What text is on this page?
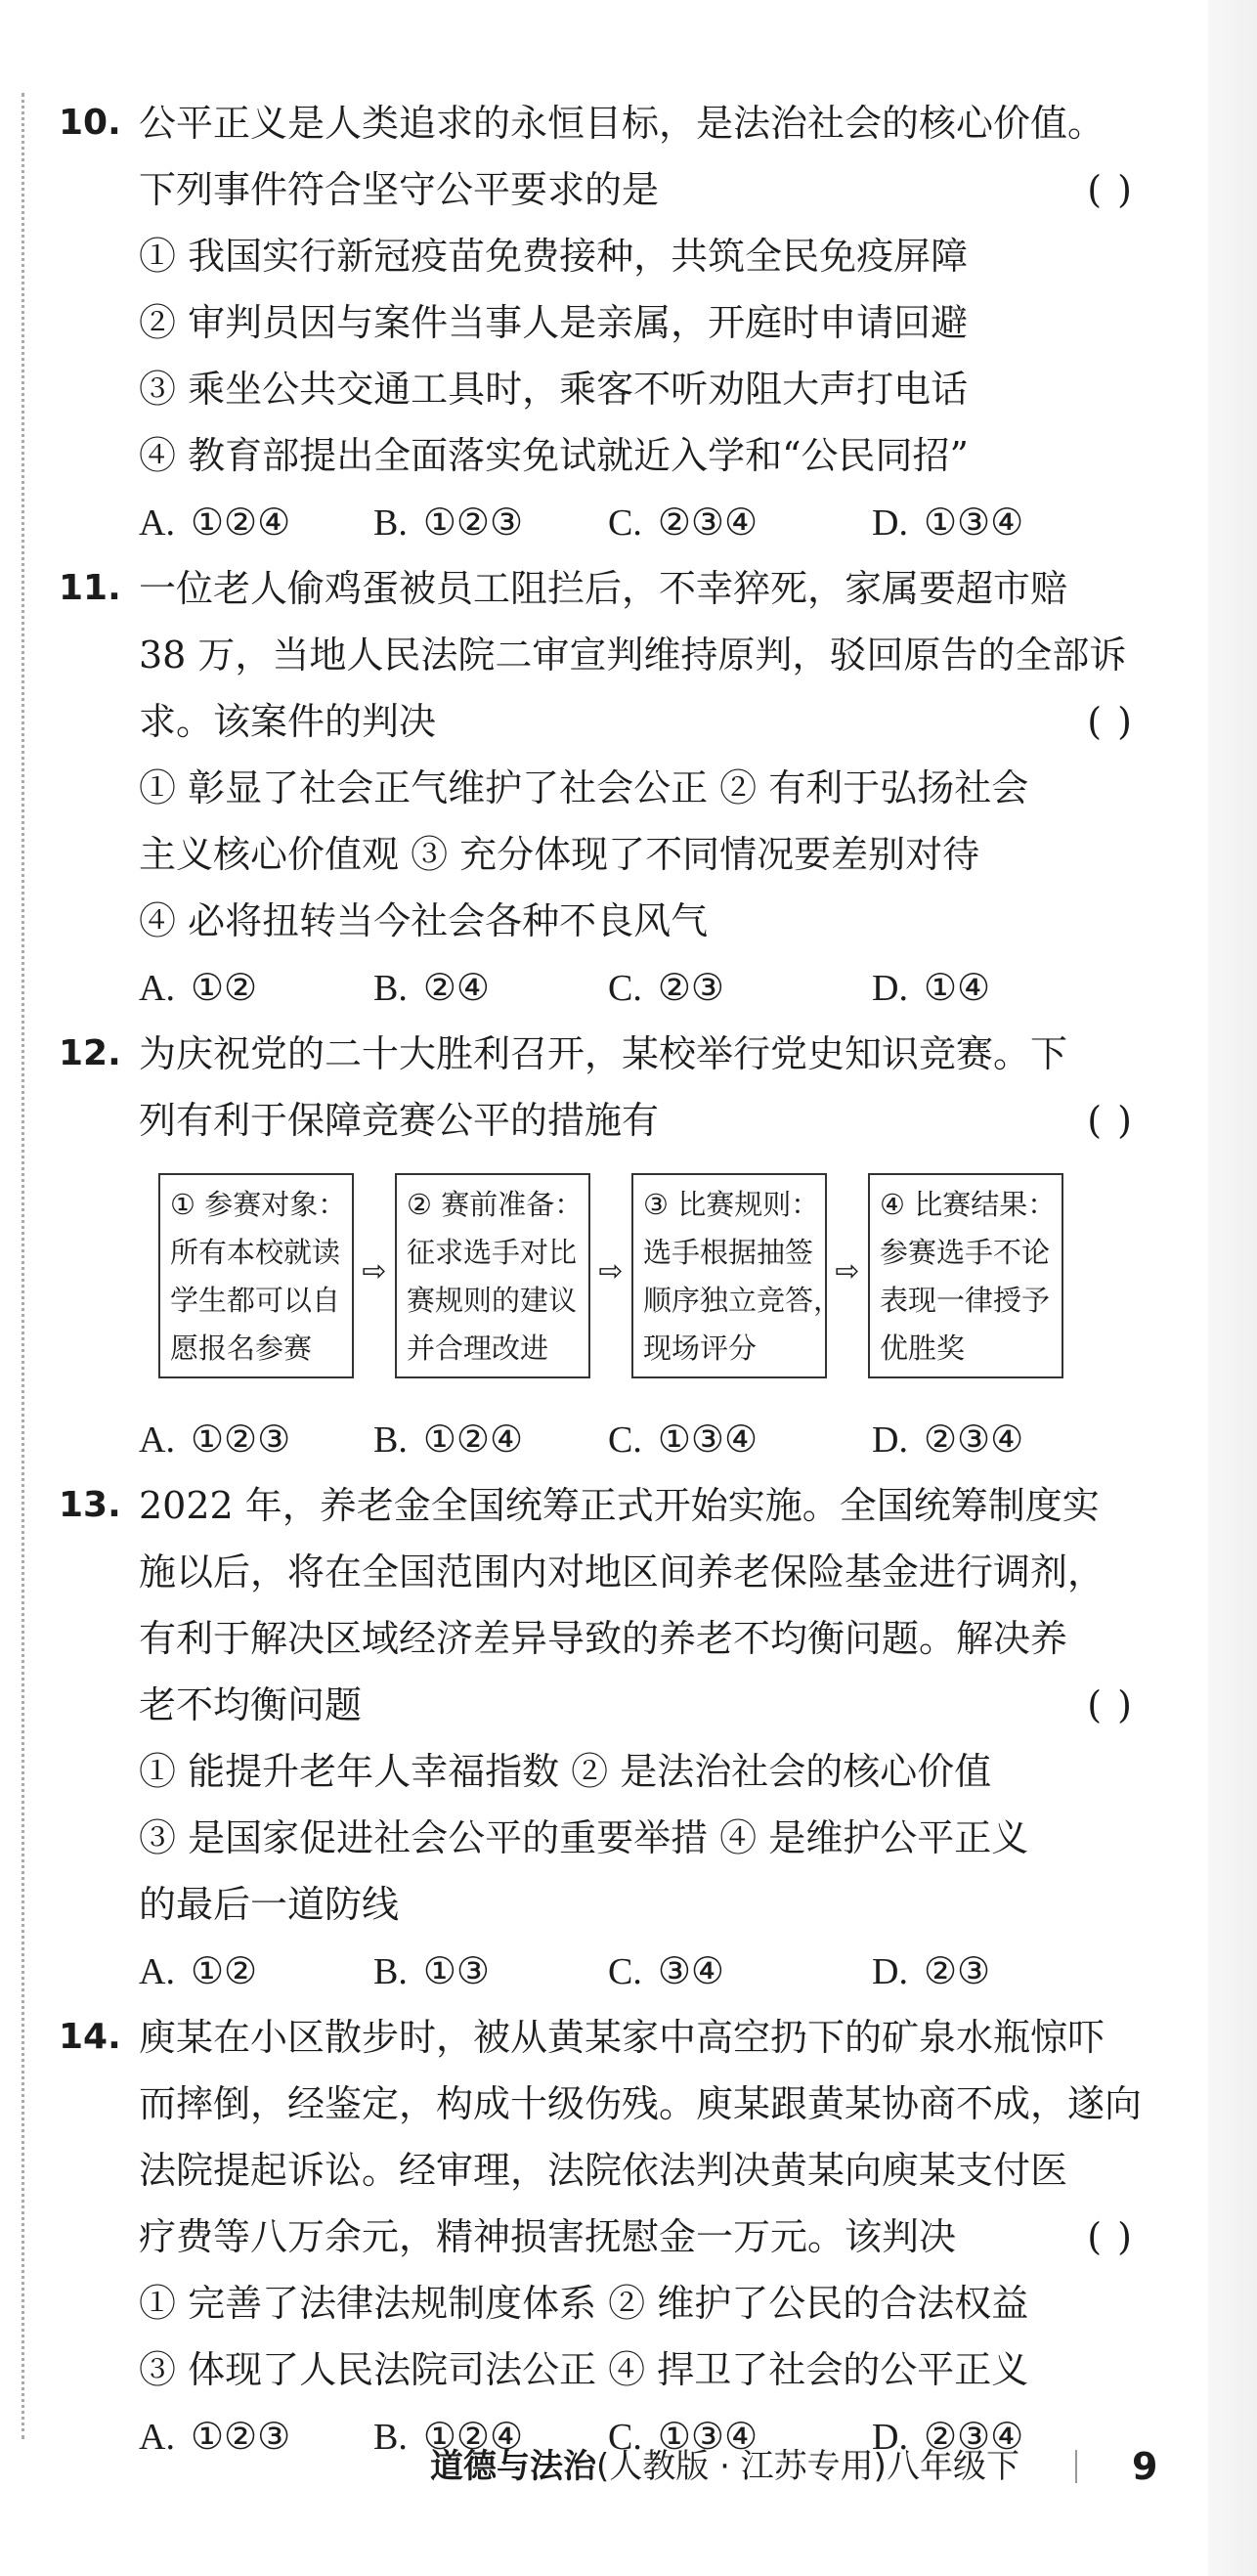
10. 公平正义是人类追求的永恒目标，是法治社会的核心价值。
下列事件符合坚守公平要求的是	( )
① 我国实行新冠疫苗免费接种，共筑全民免疫屏障
② 审判员因与案件当事人是亲属，开庭时申请回避
③ 乘坐公共交通工具时，乘客不听劝阻大声打电话
④ 教育部提出全面落实免试就近入学和“公民同招”
A. ①②④ B. ①②③ C. ②③④	D. ①③④
11. 一位老人偷鸡蛋被员工阻拦后，不幸猝死，家属要超市赔
38 万，当地人民法院二审宣判维持原判，驳回原告的全部诉
求。该案件的判决	( )
① 彰显了社会正气维护了社会公正 ② 有利于弘扬社会
主义核心价值观 ③ 充分体现了不同情况要差别对待
④ 必将扭转当今社会各种不良风气
A. ①②	B. ②④	C. ②③	D. ①④
12. 为庆祝党的二十大胜利召开，某校举行党史知识竞赛。下
列有利于保障竞赛公平的措施有	( )
① 参赛对象：
所有本校就读
学生都可以自
愿报名参赛
② 赛前准备：
征求选手对比
赛规则的建议
并合理改进
③ 比赛规则：
选手根据抽签
顺序独立竞答，
现场评分
④ 比赛结果：
参赛选手不论
表现一律授予
优胜奖
⇨	⇨	⇨
A. ①②③ B. ①②④ C. ①③④	D. ②③④
13. 2022 年，养老金全国统筹正式开始实施。全国统筹制度实
施以后，将在全国范围内对地区间养老保险基金进行调剂，
有利于解决区域经济差异导致的养老不均衡问题。解决养
老不均衡问题	( )
① 能提升老年人幸福指数 ② 是法治社会的核心价值
③ 是国家促进社会公平的重要举措 ④ 是维护公平正义
的最后一道防线
A. ①②	B. ①③	C. ③④	D. ②③
14. 庾某在小区散步时，被从黄某家中高空扔下的矿泉水瓶惊吓
而摔倒，经鉴定，构成十级伤残。庾某跟黄某协商不成，遂向
法院提起诉讼。经审理，法院依法判决黄某向庾某支付医
疗费等八万余元，精神损害抚慰金一万元。该判决	( )
① 完善了法律法规制度体系 ② 维护了公民的合法权益
③ 体现了人民法院司法公正 ④ 捍卫了社会的公平正义
A. ①②③ B. ①②④ C. ①③④	D. ②③④
道德与法治(人教版 · 江苏专用)八年级下	9
